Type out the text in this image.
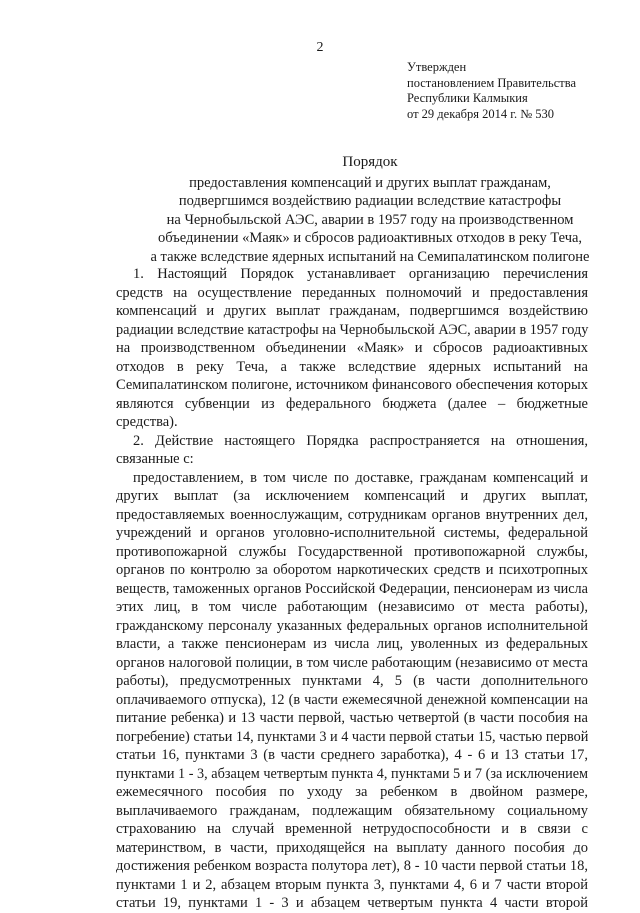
2
Утвержден
постановлением Правительства
Республики Калмыкия
от 29 декабря 2014 г. № 530
Порядок
предоставления компенсаций и других выплат гражданам,
подвергшимся воздействию радиации вследствие катастрофы
на Чернобыльской АЭС, аварии в 1957 году на производственном
объединении «Маяк» и сбросов радиоактивных отходов в реку Теча,
а также вследствие ядерных испытаний на Семипалатинском полигоне
1. Настоящий Порядок устанавливает организацию перечисления
средств на осуществление переданных полномочий и предоставления
компенсаций и других выплат гражданам, подвергшимся воздействию
радиации вследствие катастрофы на Чернобыльской АЭС, аварии в 1957 году
на производственном объединении «Маяк» и сбросов радиоактивных
отходов в реку Теча, а также вследствие ядерных испытаний на
Семипалатинском полигоне, источником финансового обеспечения которых
являются субвенции из федерального бюджета (далее – бюджетные
средства).
2. Действие настоящего Порядка распространяется на отношения,
связанные с:
предоставлением, в том числе по доставке, гражданам компенсаций и
других выплат (за исключением компенсаций и других выплат,
предоставляемых военнослужащим, сотрудникам органов внутренних дел,
учреждений и органов уголовно-исполнительной системы, федеральной
противопожарной службы Государственной противопожарной службы,
органов по контролю за оборотом наркотических средств и психотропных
веществ, таможенных органов Российской Федерации, пенсионерам из числа
этих лиц, в том числе работающим (независимо от места работы),
гражданскому персоналу указанных федеральных органов исполнительной
власти, а также пенсионерам из числа лиц, уволенных из федеральных
органов налоговой полиции, в том числе работающим (независимо от места
работы), предусмотренных пунктами 4, 5 (в части дополнительного
оплачиваемого отпуска), 12 (в части ежемесячной денежной компенсации на
питание ребенка) и 13 части первой, частью четвертой (в части пособия на
погребение) статьи 14, пунктами 3 и 4 части первой статьи 15, частью первой
статьи 16, пунктами 3 (в части среднего заработка), 4 - 6 и 13 статьи 17,
пунктами 1 - 3, абзацем четвертым пункта 4, пунктами 5 и 7 (за исключением
ежемесячного пособия по уходу за ребенком в двойном размере,
выплачиваемого гражданам, подлежащим обязательному социальному
страхованию на случай временной нетрудоспособности и в связи с
материнством, в части, приходящейся на выплату данного пособия до
достижения ребенком возраста полутора лет), 8 - 10 части первой статьи 18,
пунктами 1 и 2, абзацем вторым пункта 3, пунктами 4, 6 и 7 части второй
статьи 19, пунктами 1 - 3 и абзацем четвертым пункта 4 части второй
